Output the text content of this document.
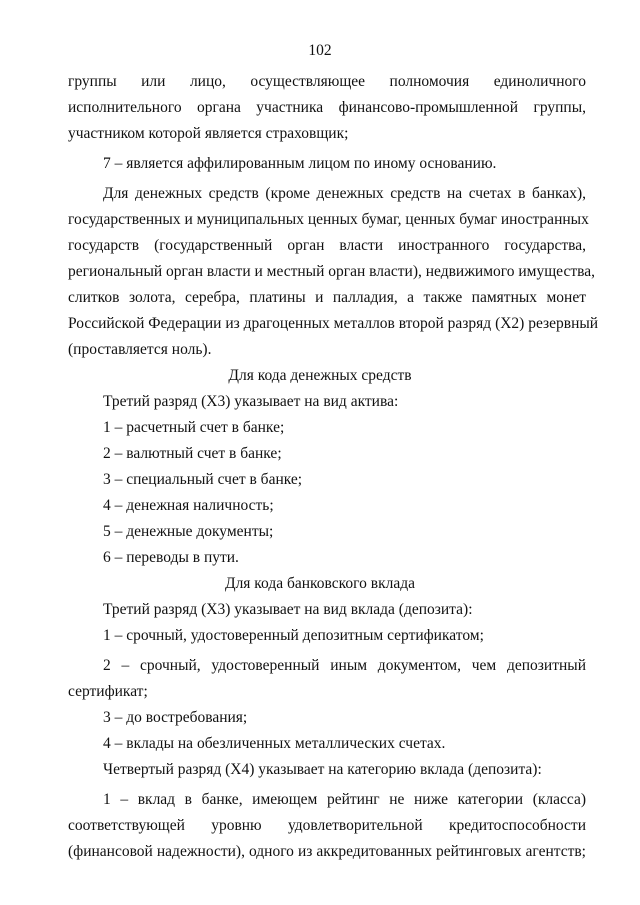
102
группы или лицо, осуществляющее полномочия единоличного
исполнительного органа участника финансово-промышленной группы,
участником которой является страховщик;
7 – является аффилированным лицом по иному основанию.
Для денежных средств (кроме денежных средств на счетах в банках),
государственных и муниципальных ценных бумаг, ценных бумаг иностранных
государств (государственный орган власти иностранного государства,
региональный орган власти и местный орган власти), недвижимого имущества,
слитков золота, серебра, платины и палладия, а также памятных монет
Российской Федерации из драгоценных металлов второй разряд (Х2) резервный
(проставляется ноль).
Для кода денежных средств
Третий разряд (Х3) указывает на вид актива:
1 – расчетный счет в банке;
2 – валютный счет в банке;
3 – специальный счет в банке;
4 – денежная наличность;
5 – денежные документы;
6 – переводы в пути.
Для кода банковского вклада
Третий разряд (Х3) указывает на вид вклада (депозита):
1 – срочный, удостоверенный депозитным сертификатом;
2 – срочный, удостоверенный иным документом, чем депозитный
сертификат;
3 – до востребования;
4 – вклады на обезличенных металлических счетах.
Четвертый разряд (Х4) указывает на категорию вклада (депозита):
1 – вклад в банке, имеющем рейтинг не ниже категории (класса)
соответствующей уровню удовлетворительной кредитоспособности
(финансовой надежности), одного из аккредитованных рейтинговых агентств;
